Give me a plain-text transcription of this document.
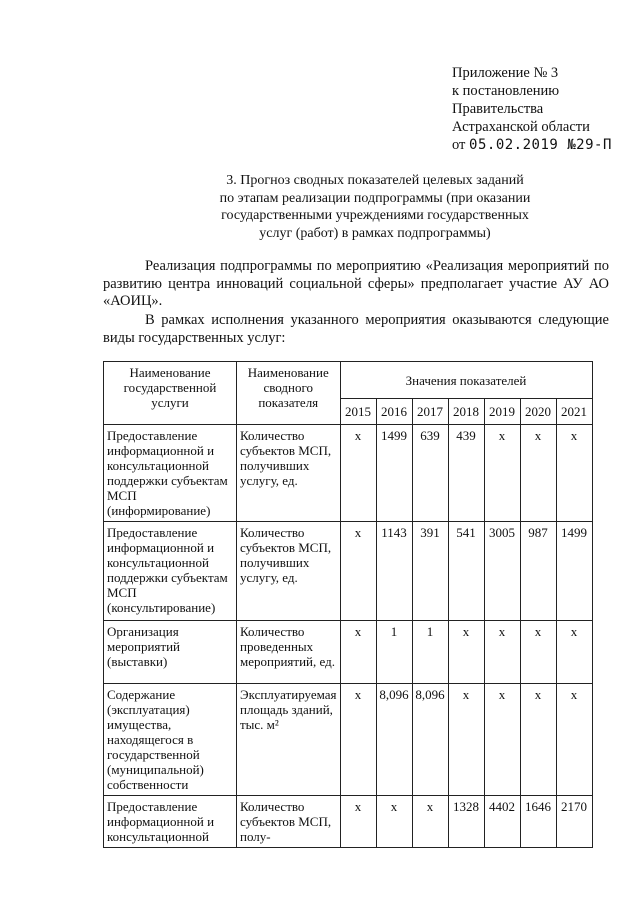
Приложение № 3
к постановлению
Правительства
Астраханской области
от 05.02.2019 №29-П
3. Прогноз сводных показателей целевых заданий
по этапам реализации подпрограммы (при оказании
государственными учреждениями государственных
услуг (работ) в рамках подпрограммы)
Реализация подпрограммы по мероприятию «Реализация мероприятий по развитию центра инноваций социальной сферы» предполагает участие АУ АО «АОИЦ».
В рамках исполнения указанного мероприятия оказываются следующие виды государственных услуг:
Наименование государственной услуги	Наименование сводного показателя	Значения показателей						
		2015	2016	2017	2018	2019	2020	2021
Предоставление информационной и консультационной поддержки субъектам МСП (информирование)	Количество субъектов МСП, получивших услугу, ед.	х	1499	639	439	х	х	х
Предоставление информационной и консультационной поддержки субъектам МСП (консультирование)	Количество субъектов МСП, получивших услугу, ед.	х	1143	391	541	3005	987	1499
Организация мероприятий (выставки)	Количество проведенных мероприятий, ед.	х	1	1	х	х	х	х
Содержание (эксплуатация) имущества, находящегося в государственной (муниципальной) собственности	Эксплуатируемая площадь зданий, тыс. м²	х	8,096	8,096	х	х	х	х
Предоставление информационной и консультационной	Количество субъектов МСП, полу-	х	х	х	1328	4402	1646	2170
